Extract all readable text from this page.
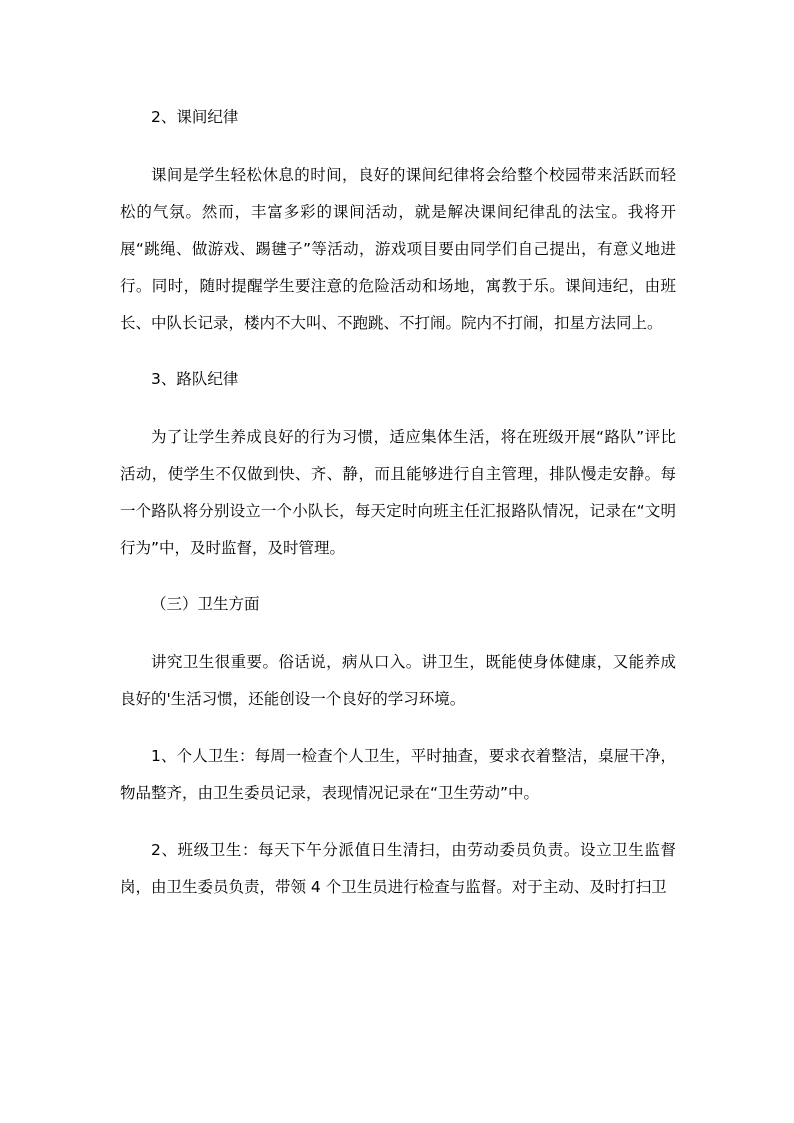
2、课间纪律

课间是学生轻松休息的时间，良好的课间纪律将会给整个校园带来活跃而轻松的气氛。然而，丰富多彩的课间活动，就是解决课间纪律乱的法宝。我将开展“跳绳、做游戏、踢毽子”等活动，游戏项目要由同学们自己提出，有意义地进行。同时，随时提醒学生要注意的危险活动和场地，寓教于乐。课间违纪，由班长、中队长记录，楼内不大叫、不跑跳、不打闹。院内不打闹，扣星方法同上。

3、路队纪律

为了让学生养成良好的行为习惯，适应集体生活，将在班级开展“路队”评比活动，使学生不仅做到快、齐、静，而且能够进行自主管理，排队慢走安静。每一个路队将分别设立一个小队长，每天定时向班主任汇报路队情况，记录在“文明行为”中，及时监督，及时管理。

（三）卫生方面

讲究卫生很重要。俗话说，病从口入。讲卫生，既能使身体健康，又能养成良好的'生活习惯，还能创设一个良好的学习环境。

1、个人卫生：每周一检查个人卫生，平时抽查，要求衣着整洁，桌屉干净，物品整齐，由卫生委员记录，表现情况记录在“卫生劳动”中。

2、班级卫生：每天下午分派值日生清扫，由劳动委员负责。设立卫生监督岗，由卫生委员负责，带领 4 个卫生员进行检查与监督。对于主动、及时打扫卫
